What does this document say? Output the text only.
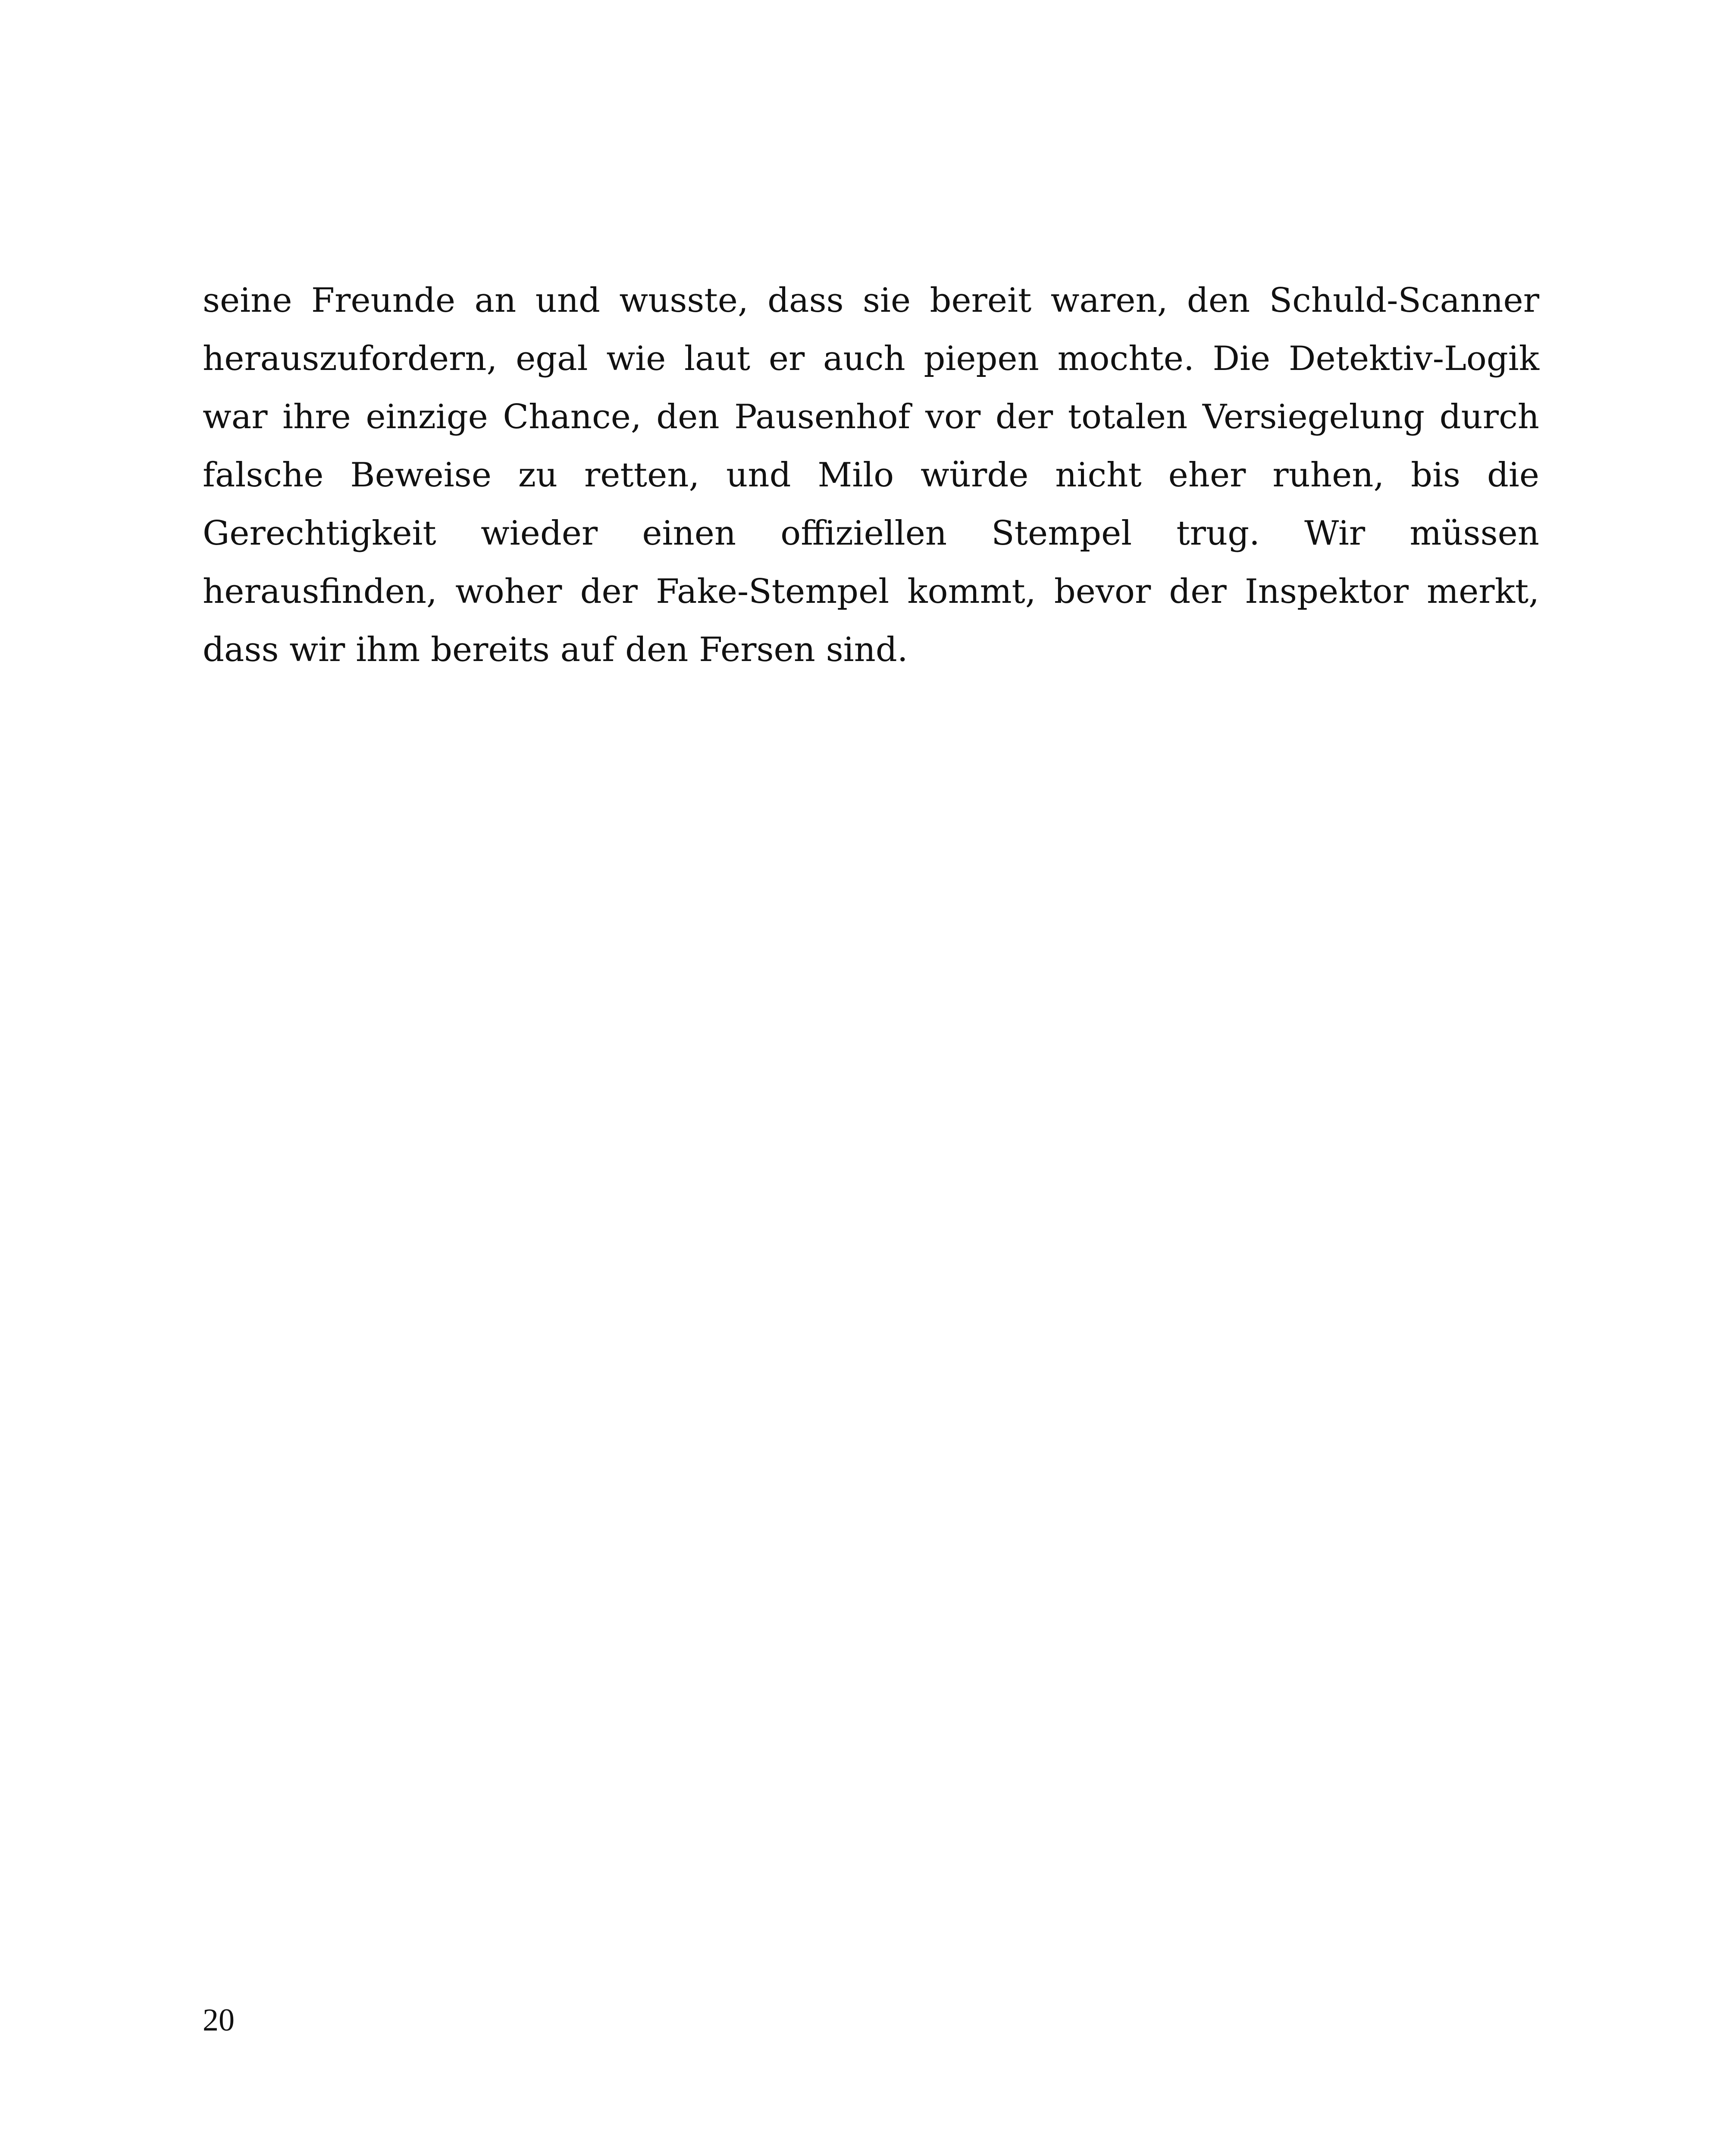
seine Freunde an und wusste, dass sie bereit waren, den Schuld-Scanner herauszufordern, egal wie laut er auch piepen mochte. Die Detektiv-Logik war ihre einzige Chance, den Pausenhof vor der totalen Versiegelung durch falsche Beweise zu retten, und Milo würde nicht eher ruhen, bis die Gerechtigkeit wieder einen offiziellen Stempel trug. Wir müssen herausfinden, woher der Fake-Stempel kommt, bevor der Inspektor merkt, dass wir ihm bereits auf den Fersen sind.

20
